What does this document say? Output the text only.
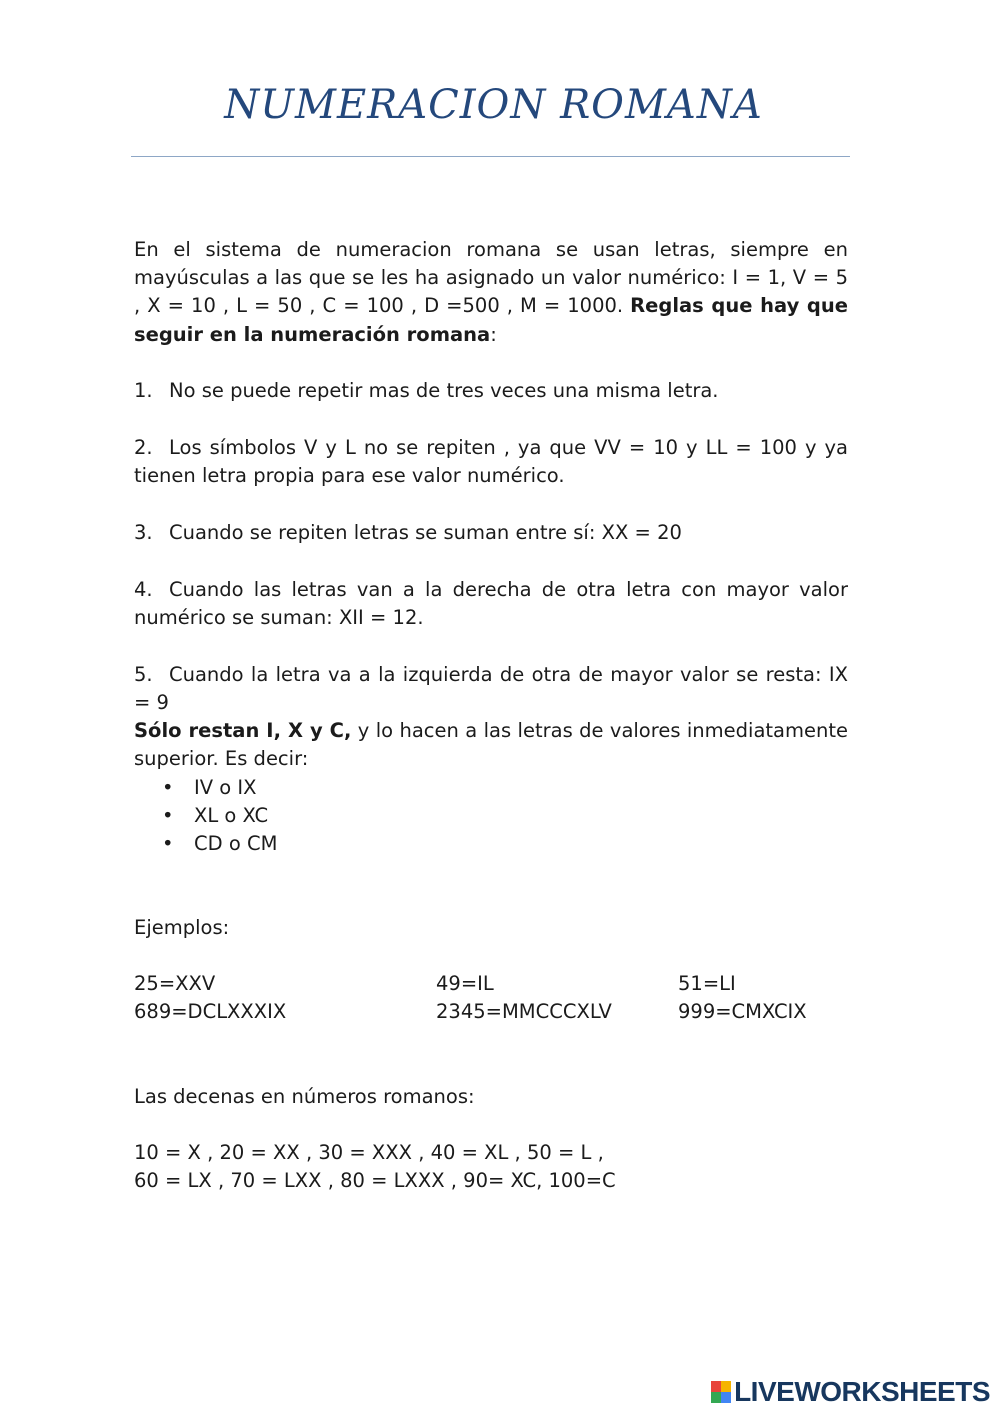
NUMERACION ROMANA

En el sistema de numeracion romana se usan letras, siempre en mayúsculas a las que se les ha asignado un valor numérico: I = 1, V = 5 , X = 10 , L = 50 , C = 100 , D =500 , M = 1000. Reglas que hay que seguir en la numeración romana:

1. No se puede repetir mas de tres veces una misma letra.

2. Los símbolos V y L no se repiten , ya que VV = 10 y LL = 100 y ya tienen letra propia para ese valor numérico.

3. Cuando se repiten letras se suman entre sí: XX = 20

4. Cuando las letras van a la derecha de otra letra con mayor valor numérico se suman: XII = 12.

5. Cuando la letra va a la izquierda de otra de mayor valor se resta: IX = 9

Sólo restan I, X y C, y lo hacen a las letras de valores inmediatamente superior. Es decir:

• IV o IX
• XL o XC
• CD o CM

Ejemplos:

25=XXV	49=IL	51=LI

689=DCLXXXIX	2345=MMCCCXLV	999=CMXCIX

Las decenas en números romanos:

10 = X , 20 = XX , 30 = XXX , 40 = XL , 50 = L ,

60 = LX , 70 = LXX , 80 = LXXX , 90= XC, 100=C

LIVEWORKSHEETS
